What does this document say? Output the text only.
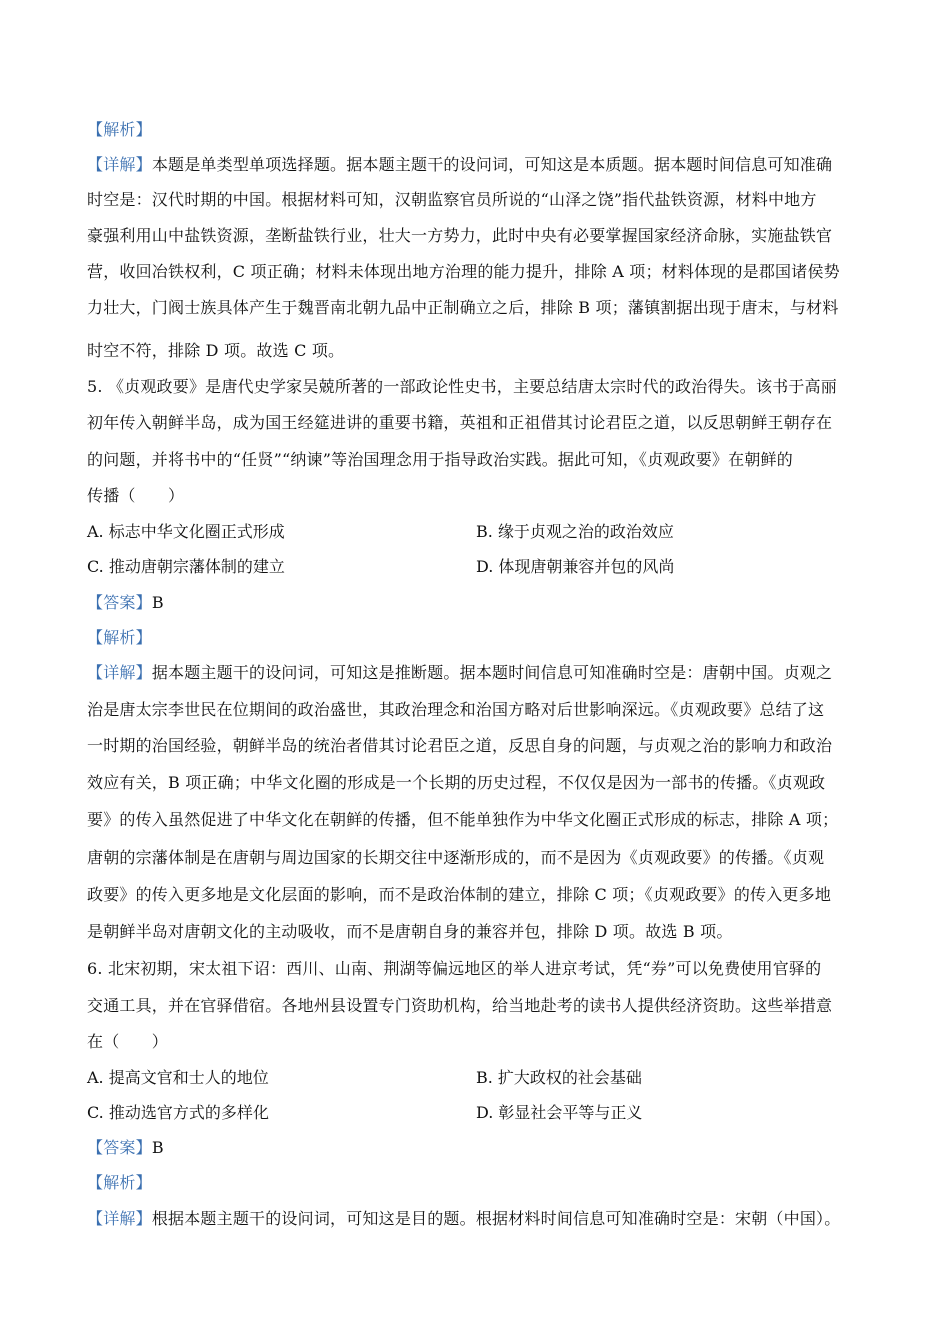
【解析】
【详解】本题是单类型单项选择题。据本题主题干的设问词，可知这是本质题。据本题时间信息可知准确
时空是：汉代时期的中国。根据材料可知，汉朝监察官员所说的“山泽之饶”指代盐铁资源，材料中地方
豪强利用山中盐铁资源，垄断盐铁行业，壮大一方势力，此时中央有必要掌握国家经济命脉，实施盐铁官
营，收回冶铁权利，C 项正确；材料未体现出地方治理的能力提升，排除 A 项；材料体现的是郡国诸侯势
力壮大，门阀士族具体产生于魏晋南北朝九品中正制确立之后，排除 B 项；藩镇割据出现于唐末，与材料
时空不符，排除 D 项。故选 C 项。
5. 《贞观政要》是唐代史学家吴兢所著的一部政论性史书，主要总结唐太宗时代的政治得失。该书于高丽
初年传入朝鲜半岛，成为国王经筵进讲的重要书籍，英祖和正祖借其讨论君臣之道，以反思朝鲜王朝存在
的问题，并将书中的“任贤”“纳谏”等治国理念用于指导政治实践。据此可知，《贞观政要》在朝鲜的
传播（　　）
A. 标志中华文化圈正式形成	B. 缘于贞观之治的政治效应
C. 推动唐朝宗藩体制的建立	D. 体现唐朝兼容并包的风尚
【答案】B
【解析】
【详解】据本题主题干的设问词，可知这是推断题。据本题时间信息可知准确时空是：唐朝中国。贞观之
治是唐太宗李世民在位期间的政治盛世，其政治理念和治国方略对后世影响深远。《贞观政要》总结了这
一时期的治国经验，朝鲜半岛的统治者借其讨论君臣之道，反思自身的问题，与贞观之治的影响力和政治
效应有关，B 项正确；中华文化圈的形成是一个长期的历史过程，不仅仅是因为一部书的传播。《贞观政
要》的传入虽然促进了中华文化在朝鲜的传播，但不能单独作为中华文化圈正式形成的标志，排除 A 项；
唐朝的宗藩体制是在唐朝与周边国家的长期交往中逐渐形成的，而不是因为《贞观政要》的传播。《贞观
政要》的传入更多地是文化层面的影响，而不是政治体制的建立，排除 C 项；《贞观政要》的传入更多地
是朝鲜半岛对唐朝文化的主动吸收，而不是唐朝自身的兼容并包，排除 D 项。故选 B 项。
6. 北宋初期，宋太祖下诏：西川、山南、荆湖等偏远地区的举人进京考试，凭“券”可以免费使用官驿的
交通工具，并在官驿借宿。各地州县设置专门资助机构，给当地赴考的读书人提供经济资助。这些举措意
在（　　）
A. 提高文官和士人的地位	B. 扩大政权的社会基础
C. 推动选官方式的多样化	D. 彰显社会平等与正义
【答案】B
【解析】
【详解】根据本题主题干的设问词，可知这是目的题。根据材料时间信息可知准确时空是：宋朝（中国）。
